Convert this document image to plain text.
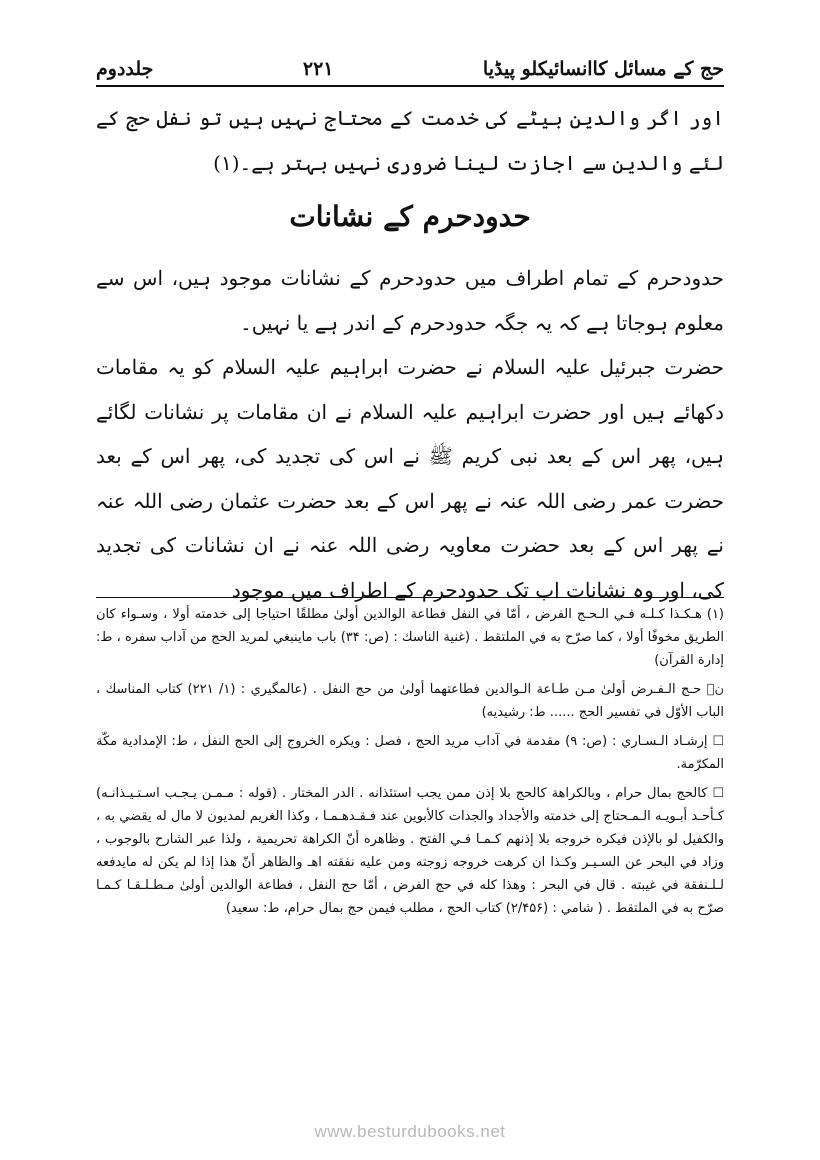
حج کے مسائل کاانسائیکلو پیڈیا
۲۲۱
جلددوم

اور اگر والدین بیٹے کی خدمت کے محتاج نہیں ہیں تو نفل حج کے لئے والدین سے اجازت لینا ضروری نہیں بہتر ہے۔(۱)

حدودحرم کے نشانات

حدودحرم کے تمام اطراف میں حدودحرم کے نشانات موجود ہیں، اس سے معلوم ہوجاتا ہے کہ یہ جگہ حدودحرم کے اندر ہے یا نہیں۔

حضرت جبرئیل علیہ السلام نے حضرت ابراہیم علیہ السلام کو یہ مقامات دکھائے ہیں اور حضرت ابراہیم علیہ السلام نے ان مقامات پر نشانات لگائے ہیں، پھر اس کے بعد نبی کریم ﷺ نے اس کی تجدید کی، پھر اس کے بعد حضرت عمر رضی اللہ عنہ نے پھر اس کے بعد حضرت عثمان رضی اللہ عنہ نے پھر اس کے بعد حضرت معاویہ رضی اللہ عنہ نے ان نشانات کی تجدید کی، اور وہ نشانات اب تک حدودحرم کے اطراف میں موجود

(۱) هـكـذا كـلـه فـي الـحـج الفرض ، أمّا في النفل فطاعة الوالدين أولىٰ مطلقًا احتياجا إلى خدمته أولا ، وسـواء كان الطريق مخوفًا أولا ، كما صرّح به في الملتقط . (غنية الناسك : (ص: ۳۴) باب ماينبغي لمريد الحج من آداب سفره ، ط: إدارة القرآن)

ن٘ حـج الـفـرض أولىٰ مـن طـاعة الـوالدين فطاعتهما أولىٰ من حج النفل . (عالمگيري : (۱/ ۲۲۱) كتاب المناسك ، الباب الأوّل في تفسير الحج ...... ط: رشيديه)

☐ إرشـاد الـسـاري : (ص: ۹) مقدمة في آداب مريد الحج ، فصل : ويكره الخروج إلى الحج النفل ، ط: الإمدادية مكّة المكرّمة.

☐ كالحج بمال حرام ، وبالكراهة كالحج بلا إذن ممن يجب استئذانه . الدر المختار . (قوله : مـمـن يـجـب اسـتـيـذانـه) كـأحـد أبـويـه الـمـحتاج إلى خدمته والأجداد والجدات كالأبوين عند فـقـدهـمـا ، وكذا الغريم لمديون لا مال له يقضي به ، والكفيل لو بالإذن فيكره خروجه بلا إذنهم كـمـا فـي الفتح . وظاهره أنّ الكراهة تحريمية ، ولذا عبر الشارح بالوجوب ، وزاد في البحر عن السـيـر وكـذا ان كرهت خروجه زوجته ومن عليه نفقته اهـ والظاهر أنّ هذا إذا لم يكن له مايدفعه لـلـنفقة في غيبته . قال في البحر : وهذا كله في حج الفرض ، أمّا حج النفل ، فطاعة الوالدين أولىٰ مـطـلـقـا كـمـا صرّح به في الملتقط . ( شامي : (۲/۴۵۶) كتاب الحج ، مطلب فيمن حج بمال حرام، ط: سعيد)

www.besturdubooks.net
